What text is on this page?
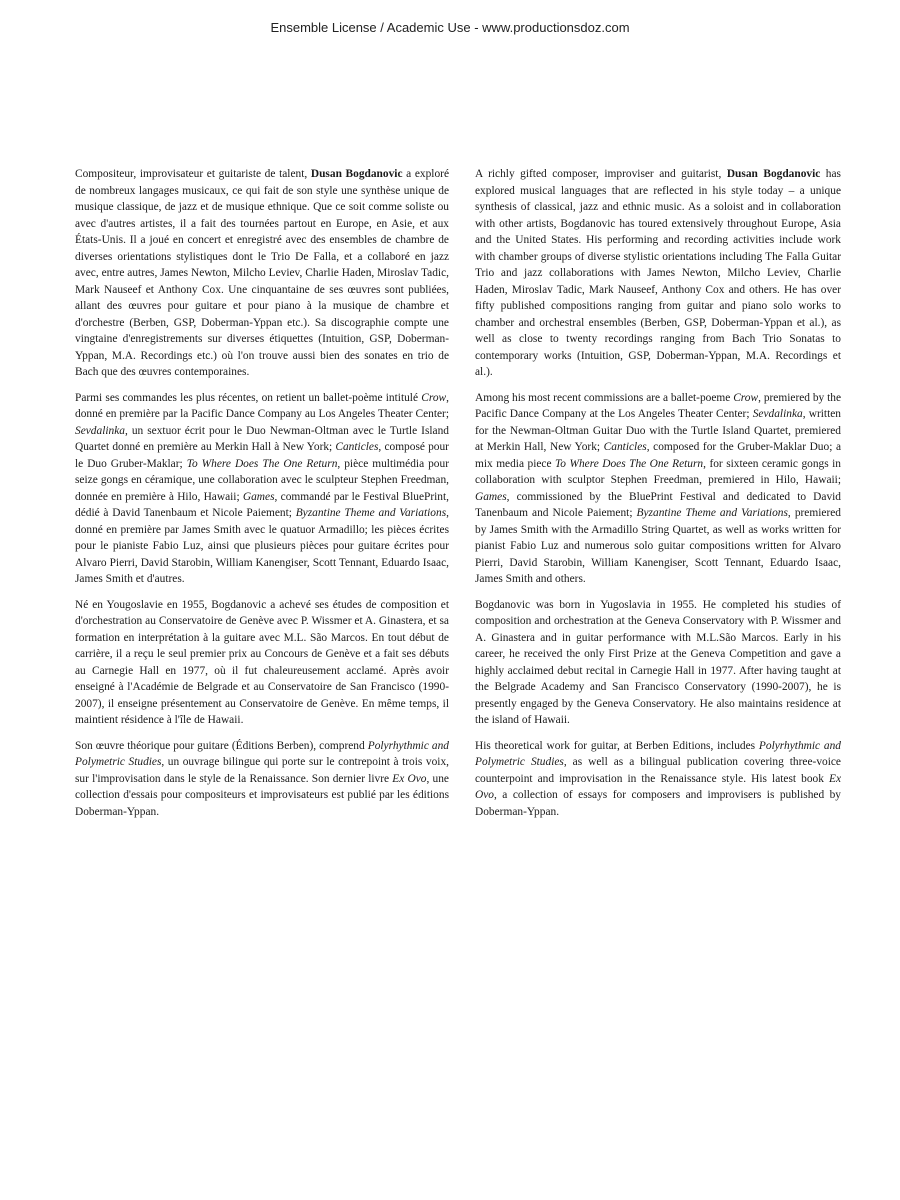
Ensemble License / Academic Use - www.productionsdoz.com

Compositeur, improvisateur et guitariste de talent, Dusan Bogdanovic a exploré de nombreux langages musicaux, ce qui fait de son style une synthèse unique de musique classique, de jazz et de musique ethnique. Que ce soit comme soliste ou avec d'autres artistes, il a fait des tournées partout en Europe, en Asie, et aux États-Unis. Il a joué en concert et enregistré avec des ensembles de chambre de diverses orientations stylistiques dont le Trio De Falla, et a collaboré en jazz avec, entre autres, James Newton, Milcho Leviev, Charlie Haden, Miroslav Tadic, Mark Nauseef et Anthony Cox. Une cinquantaine de ses œuvres sont publiées, allant des œuvres pour guitare et pour piano à la musique de chambre et d'orchestre (Berben, GSP, Doberman-Yppan etc.). Sa discographie compte une vingtaine d'enregistrements sur diverses étiquettes (Intuition, GSP, Doberman-Yppan, M.A. Recordings etc.) où l'on trouve aussi bien des sonates en trio de Bach que des œuvres contemporaines.

Parmi ses commandes les plus récentes, on retient un ballet-poème intitulé Crow, donné en première par la Pacific Dance Company au Los Angeles Theater Center; Sevdalinka, un sextuor écrit pour le Duo Newman-Oltman avec le Turtle Island Quartet donné en première au Merkin Hall à New York; Canticles, composé pour le Duo Gruber-Maklar; To Where Does The One Return, pièce multimédia pour seize gongs en céramique, une collaboration avec le sculpteur Stephen Freedman, donnée en première à Hilo, Hawaii; Games, commandé par le Festival BluePrint, dédié à David Tanenbaum et Nicole Paiement; Byzantine Theme and Variations, donné en première par James Smith avec le quatuor Armadillo; les pièces écrites pour le pianiste Fabio Luz, ainsi que plusieurs pièces pour guitare écrites pour Alvaro Pierri, David Starobin, William Kanengiser, Scott Tennant, Eduardo Isaac, James Smith et d'autres.

Né en Yougoslavie en 1955, Bogdanovic a achevé ses études de composition et d'orchestration au Conservatoire de Genève avec P. Wissmer et A. Ginastera, et sa formation en interprétation à la guitare avec M.L. São Marcos. En tout début de carrière, il a reçu le seul premier prix au Concours de Genève et a fait ses débuts au Carnegie Hall en 1977, où il fut chaleureusement acclamé. Après avoir enseigné à l'Académie de Belgrade et au Conservatoire de San Francisco (1990-2007), il enseigne présentement au Conservatoire de Genève. En même temps, il maintient résidence à l'île de Hawaii.

Son œuvre théorique pour guitare (Éditions Berben), comprend Polyrhythmic and Polymetric Studies, un ouvrage bilingue qui porte sur le contrepoint à trois voix, sur l'improvisation dans le style de la Renaissance. Son dernier livre Ex Ovo, une collection d'essais pour compositeurs et improvisateurs est publié par les éditions Doberman-Yppan.

A richly gifted composer, improviser and guitarist, Dusan Bogdanovic has explored musical languages that are reflected in his style today – a unique synthesis of classical, jazz and ethnic music. As a soloist and in collaboration with other artists, Bogdanovic has toured extensively throughout Europe, Asia and the United States. His performing and recording activities include work with chamber groups of diverse stylistic orientations including The Falla Guitar Trio and jazz collaborations with James Newton, Milcho Leviev, Charlie Haden, Miroslav Tadic, Mark Nauseef, Anthony Cox and others. He has over fifty published compositions ranging from guitar and piano solo works to chamber and orchestral ensembles (Berben, GSP, Doberman-Yppan et al.), as well as close to twenty recordings ranging from Bach Trio Sonatas to contemporary works (Intuition, GSP, Doberman-Yppan, M.A. Recordings et al.).

Among his most recent commissions are a ballet-poeme Crow, premiered by the Pacific Dance Company at the Los Angeles Theater Center; Sevdalinka, written for the Newman-Oltman Guitar Duo with the Turtle Island Quartet, premiered at Merkin Hall, New York; Canticles, composed for the Gruber-Maklar Duo; a mix media piece To Where Does The One Return, for sixteen ceramic gongs in collaboration with sculptor Stephen Freedman, premiered in Hilo, Hawaii; Games, commissioned by the BluePrint Festival and dedicated to David Tanenbaum and Nicole Paiement; Byzantine Theme and Variations, premiered by James Smith with the Armadillo String Quartet, as well as works written for pianist Fabio Luz and numerous solo guitar compositions written for Alvaro Pierri, David Starobin, William Kanengiser, Scott Tennant, Eduardo Isaac, James Smith and others.

Bogdanovic was born in Yugoslavia in 1955. He completed his studies of composition and orchestration at the Geneva Conservatory with P. Wissmer and A. Ginastera and in guitar performance with M.L.São Marcos. Early in his career, he received the only First Prize at the Geneva Competition and gave a highly acclaimed debut recital in Carnegie Hall in 1977. After having taught at the Belgrade Academy and San Francisco Conservatory (1990-2007), he is presently engaged by the Geneva Conservatory. He also maintains residence at the island of Hawaii.

His theoretical work for guitar, at Berben Editions, includes Polyrhythmic and Polymetric Studies, as well as a bilingual publication covering three-voice counterpoint and improvisation in the Renaissance style. His latest book Ex Ovo, a collection of essays for composers and improvisers is published by Doberman-Yppan.
